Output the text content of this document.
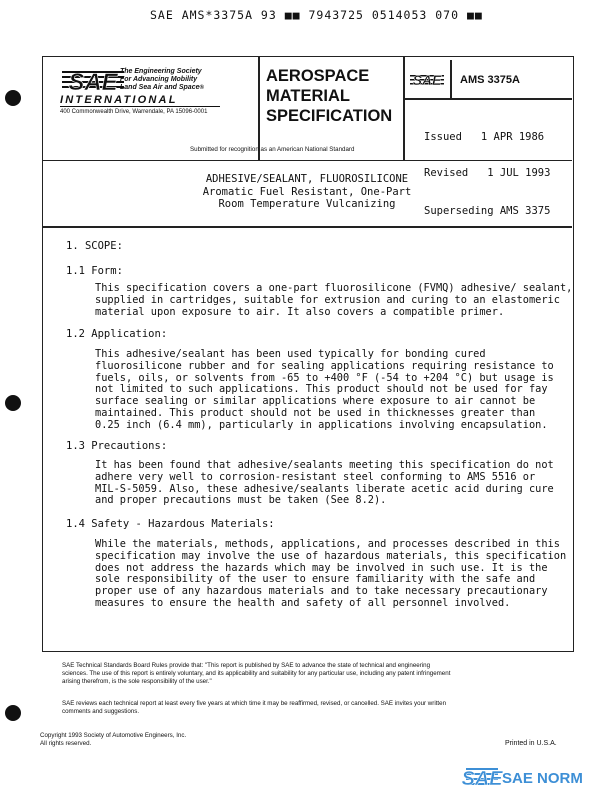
SAE AMS*3375A 93 ■■ 7943725 0514053 070 ■■
SAE The Engineering Society
For Advancing Mobility
Land Sea Air and Space®
INTERNATIONAL
400 Commonwealth Drive, Warrendale, PA 15096-0001
AEROSPACE
MATERIAL
SPECIFICATION
Submitted for recognition as an American National Standard
SAE AMS 3375A

Issued 1 APR 1986

Revised 1 JUL 1993

Superseding AMS 3375

ADHESIVE/SEALANT, FLUOROSILICONE
Aromatic Fuel Resistant, One-Part
Room Temperature Vulcanizing
1. SCOPE:
1.1 Form:
This specification covers a one-part fluorosilicone (FVMQ) adhesive/ sealant,
supplied in cartridges, suitable for extrusion and curing to an elastomeric
material upon exposure to air. It also covers a compatible primer.
1.2 Application:
This adhesive/sealant has been used typically for bonding cured
fluorosilicone rubber and for sealing applications requiring resistance to
fuels, oils, or solvents from -65 to +400 °F (-54 to +204 °C) but usage is
not limited to such applications. This product should not be used for fay
surface sealing or similar applications where exposure to air cannot be
maintained. This product should not be used in thicknesses greater than
0.25 inch (6.4 mm), particularly in applications involving encapsulation.
1.3 Precautions:
It has been found that adhesive/sealants meeting this specification do not
adhere very well to corrosion-resistant steel conforming to AMS 5516 or
MIL-S-5059. Also, these adhesive/sealants liberate acetic acid during cure
and proper precautions must be taken (See 8.2).
1.4 Safety - Hazardous Materials:
While the materials, methods, applications, and processes described in this
specification may involve the use of hazardous materials, this specification
does not address the hazards which may be involved in such use. It is the
sole responsibility of the user to ensure familiarity with the safe and
proper use of any hazardous materials and to take necessary precautionary
measures to ensure the health and safety of all personnel involved.
SAE Technical Standards Board Rules provide that: "This report is published by SAE to advance the state of technical and engineering
sciences. The use of this report is entirely voluntary, and its applicability and suitability for any particular use, including any patent infringement
arising therefrom, is the sole responsibility of the user."
SAE reviews each technical report at least every five years at which time it may be reaffirmed, revised, or cancelled. SAE invites your written
comments and suggestions.
Copyright 1993 Society of Automotive Engineers, Inc.
All rights reserved.	Printed in U.S.A.
SAE SAE NORM
